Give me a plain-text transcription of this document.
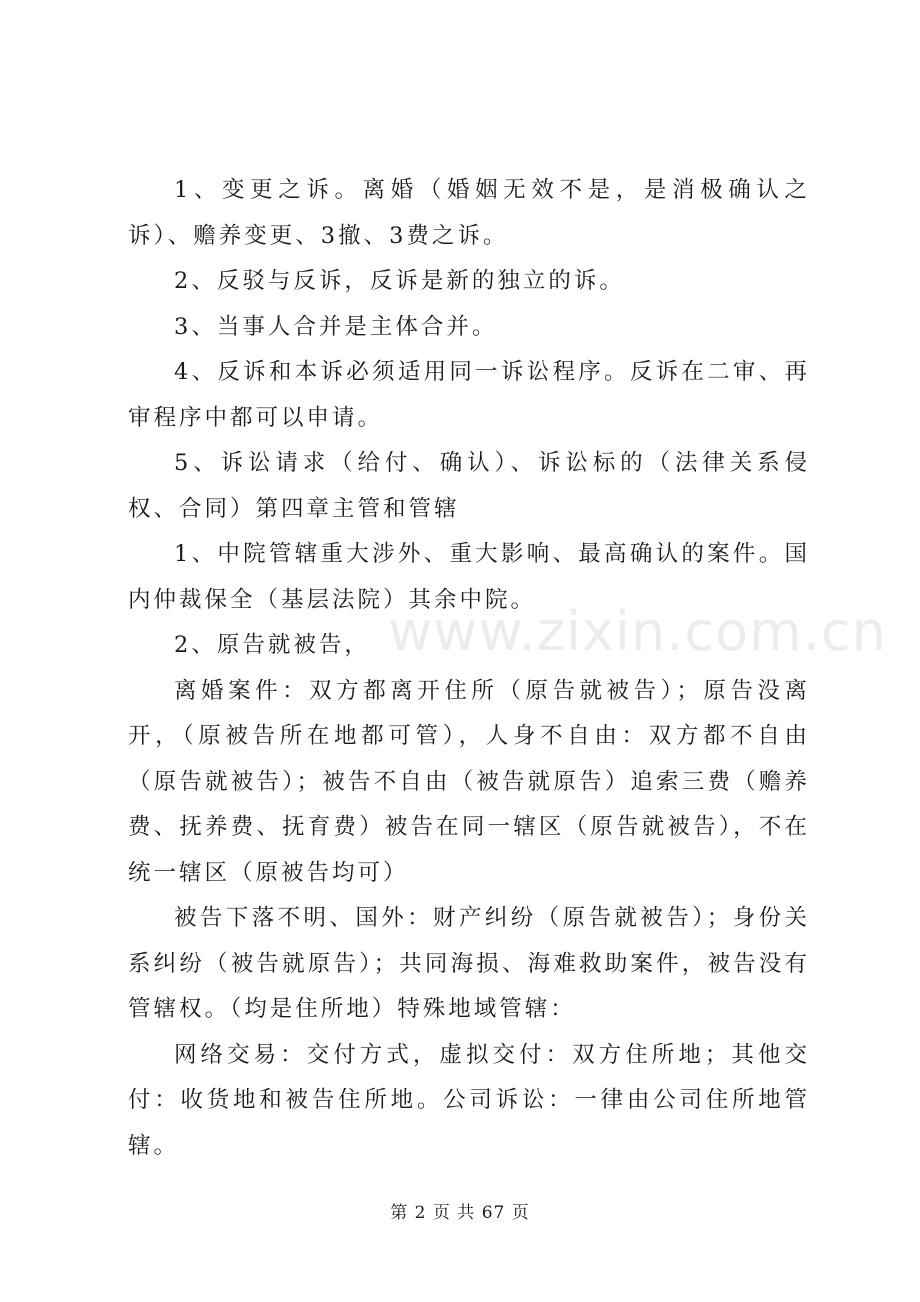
1、变更之诉。离婚（婚姻无效不是，是消极确认之诉）、赡养变更、3撤、3费之诉。

2、反驳与反诉，反诉是新的独立的诉。

3、当事人合并是主体合并。

4、反诉和本诉必须适用同一诉讼程序。反诉在二审、再审程序中都可以申请。

5、诉讼请求（给付、确认）、诉讼标的（法律关系侵权、合同）第四章主管和管辖

1、中院管辖重大涉外、重大影响、最高确认的案件。国内仲裁保全（基层法院）其余中院。

2、原告就被告，

离婚案件：双方都离开住所（原告就被告）；原告没离开，（原被告所在地都可管），人身不自由：双方都不自由（原告就被告）；被告不自由（被告就原告）追索三费（赡养费、抚养费、抚育费）被告在同一辖区（原告就被告），不在统一辖区（原被告均可）

被告下落不明、国外：财产纠纷（原告就被告）；身份关系纠纷（被告就原告）；共同海损、海难救助案件，被告没有管辖权。（均是住所地）特殊地域管辖：

网络交易：交付方式，虚拟交付：双方住所地；其他交付：收货地和被告住所地。公司诉讼：一律由公司住所地管辖。

www.zixin.com.cn
第 2 页 共 67 页
